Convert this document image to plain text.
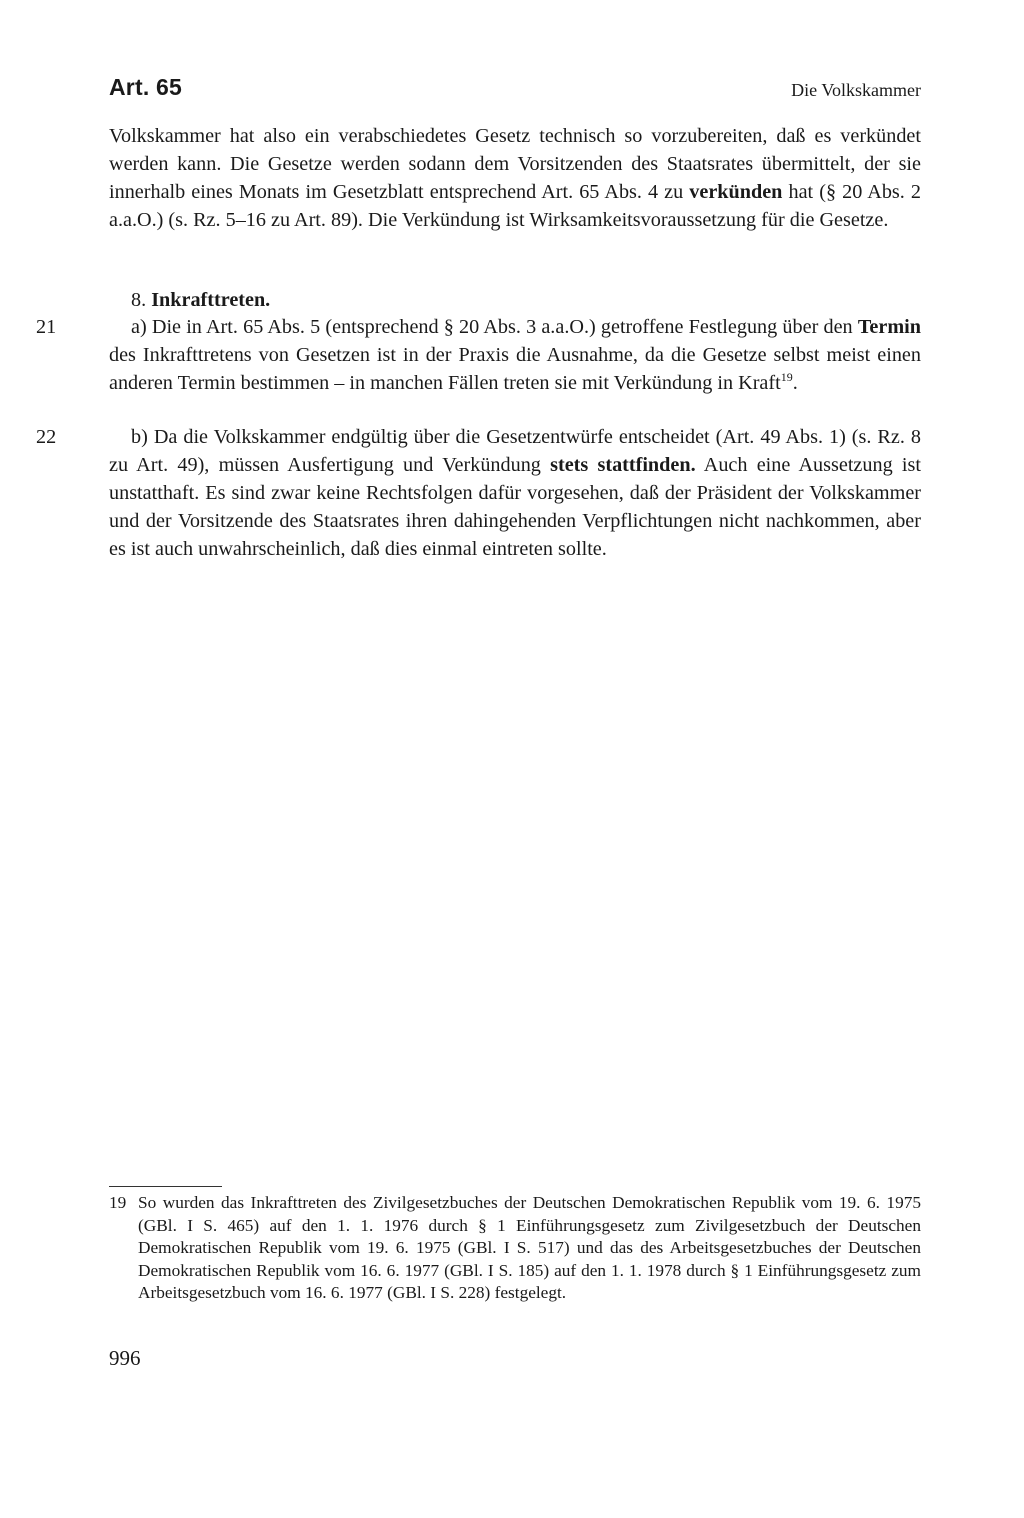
Art. 65	Die Volkskammer

Volkskammer hat also ein verabschiedetes Gesetz technisch so vorzubereiten, daß es verkündet werden kann. Die Gesetze werden sodann dem Vorsitzenden des Staatsrates übermittelt, der sie innerhalb eines Monats im Gesetzblatt entsprechend Art. 65 Abs. 4 zu verkünden hat (§ 20 Abs. 2 a.a.O.) (s. Rz. 5–16 zu Art. 89). Die Verkündung ist Wirksamkeitsvoraussetzung für die Gesetze.

8. Inkrafttreten.
21	a) Die in Art. 65 Abs. 5 (entsprechend § 20 Abs. 3 a.a.O.) getroffene Festlegung über den Termin des Inkrafttretens von Gesetzen ist in der Praxis die Ausnahme, da die Gesetze selbst meist einen anderen Termin bestimmen – in manchen Fällen treten sie mit Verkündung in Kraft$^{19}$.

22	b) Da die Volkskammer endgültig über die Gesetzentwürfe entscheidet (Art. 49 Abs. 1) (s. Rz. 8 zu Art. 49), müssen Ausfertigung und Verkündung stets stattfinden. Auch eine Aussetzung ist unstatthaft. Es sind zwar keine Rechtsfolgen dafür vorgesehen, daß der Präsident der Volkskammer und der Vorsitzende des Staatsrates ihren dahingehenden Verpflichtungen nicht nachkommen, aber es ist auch unwahrscheinlich, daß dies einmal eintreten sollte.

19 So wurden das Inkrafttreten des Zivilgesetzbuches der Deutschen Demokratischen Republik vom 19. 6. 1975 (GBl. I S. 465) auf den 1. 1. 1976 durch § 1 Einführungsgesetz zum Zivilgesetzbuch der Deutschen Demokratischen Republik vom 19. 6. 1975 (GBl. I S. 517) und das des Arbeitsgesetzbuches der Deutschen Demokratischen Republik vom 16. 6. 1977 (GBl. I S. 185) auf den 1. 1. 1978 durch § 1 Einführungsgesetz zum Arbeitsgesetzbuch vom 16. 6. 1977 (GBl. I S. 228) festgelegt.
996
